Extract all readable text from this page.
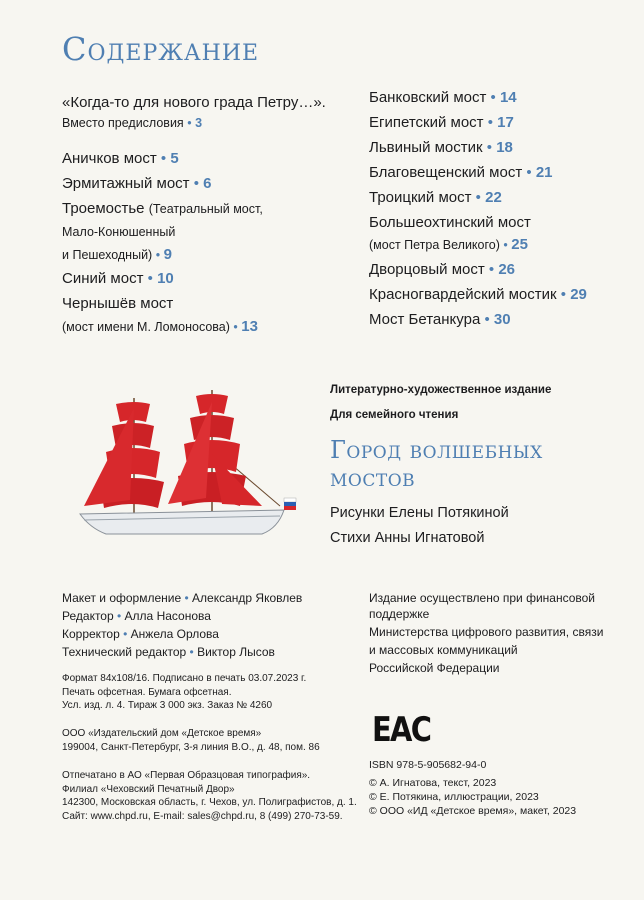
Содержание
«Когда-то для нового града Петру…».
Вместо предисловия • 3
Аничков мост • 5
Эрмитажный мост • 6
Троемостье (Театральный мост,
Мало-Конюшенный
и Пешеходный) • 9
Синий мост • 10
Чернышёв мост
(мост имени М. Ломоносова) • 13
Банковский мост • 14
Египетский мост • 17
Львиный мостик • 18
Благовещенский мост • 21
Троицкий мост • 22
Большеохтинский мост
(мост Петра Великого) • 25
Дворцовый мост • 26
Красногвардейский мостик • 29
Мост Бетанкура • 30
Литературно-художественное издание
Для семейного чтения
Город волшебных
мостов
Рисунки Елены Потякиной
Стихи Анны Игнатовой
Макет и оформление • Александр Яковлев
Редактор • Алла Насонова
Корректор • Анжела Орлова
Технический редактор • Виктор Лысов
Издание осуществлено при финансовой поддержке
Министерства цифрового развития, связи
и массовых коммуникаций
Российской Федерации
Формат 84х108/16. Подписано в печать 03.07.2023 г.
Печать офсетная. Бумага офсетная.
Усл. изд. л. 4. Тираж 3 000 экз. Заказ № 4260
ООО «Издательский дом «Детское время»
199004, Санкт-Петербург, 3-я линия В.О., д. 48, пом. 86
Отпечатано в АО «Первая Образцовая типография».
Филиал «Чеховский Печатный Двор»
142300, Московская область, г. Чехов, ул. Полиграфистов, д. 1.
Сайт: www.chpd.ru, E-mail: sales@chpd.ru, 8 (499) 270-73-59.
ЕАС
ISBN 978-5-905682-94-0
© А. Игнатова, текст, 2023
© Е. Потякина, иллюстрации, 2023
© ООО «ИД «Детское время», макет, 2023
